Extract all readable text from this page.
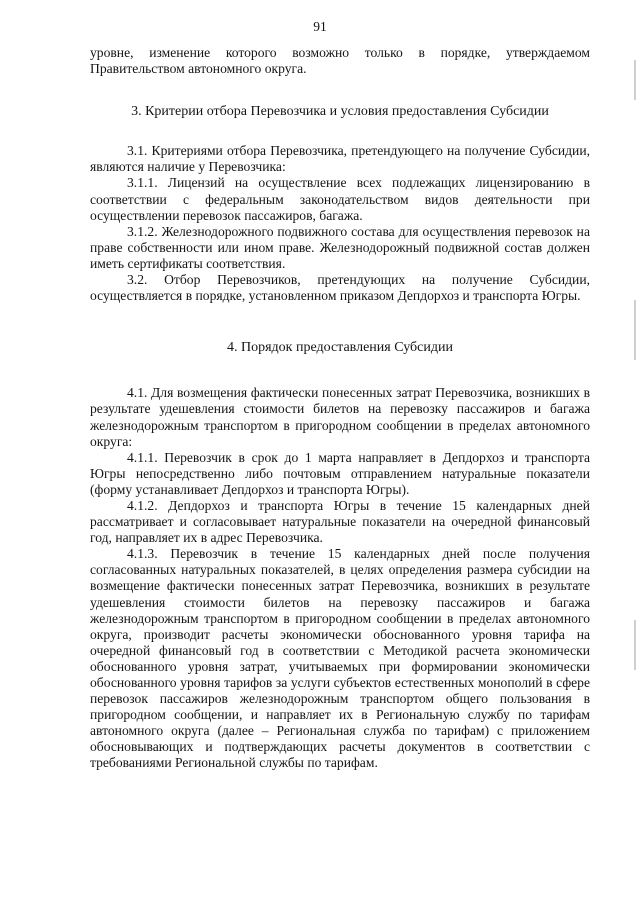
91

уровне, изменение которого возможно только в порядке, утверждаемом Правительством автономного округа.

3. Критерии отбора Перевозчика и условия предоставления Субсидии

3.1. Критериями отбора Перевозчика, претендующего на получение Субсидии, являются наличие у Перевозчика:

3.1.1. Лицензий на осуществление всех подлежащих лицензированию в соответствии с федеральным законодательством видов деятельности при осуществлении перевозок пассажиров, багажа.

3.1.2. Железнодорожного подвижного состава для осуществления перевозок на праве собственности или ином праве. Железнодорожный подвижной состав должен иметь сертификаты соответствия.

3.2. Отбор Перевозчиков, претендующих на получение Субсидии, осуществляется в порядке, установленном приказом Депдорхоз и транспорта Югры.

4. Порядок предоставления Субсидии

4.1. Для возмещения фактически понесенных затрат Перевозчика, возникших в результате удешевления стоимости билетов на перевозку пассажиров и багажа железнодорожным транспортом в пригородном сообщении в пределах автономного округа:

4.1.1. Перевозчик в срок до 1 марта направляет в Депдорхоз и транспорта Югры непосредственно либо почтовым отправлением натуральные показатели (форму устанавливает Депдорхоз и транспорта Югры).

4.1.2. Депдорхоз и транспорта Югры в течение 15 календарных дней рассматривает и согласовывает натуральные показатели на очередной финансовый год, направляет их в адрес Перевозчика.

4.1.3. Перевозчик в течение 15 календарных дней после получения согласованных натуральных показателей, в целях определения размера субсидии на возмещение фактически понесенных затрат Перевозчика, возникших в результате удешевления стоимости билетов на перевозку пассажиров и багажа железнодорожным транспортом в пригородном сообщении в пределах автономного округа, производит расчеты экономически обоснованного уровня тарифа на очередной финансовый год в соответствии с Методикой расчета экономически обоснованного уровня затрат, учитываемых при формировании экономически обоснованного уровня тарифов за услуги субъектов естественных монополий в сфере перевозок пассажиров железнодорожным транспортом общего пользования в пригородном сообщении, и направляет их в Региональную службу по тарифам автономного округа (далее – Региональная служба по тарифам) с приложением обосновывающих и подтверждающих расчеты документов в соответствии с требованиями Региональной службы по тарифам.
